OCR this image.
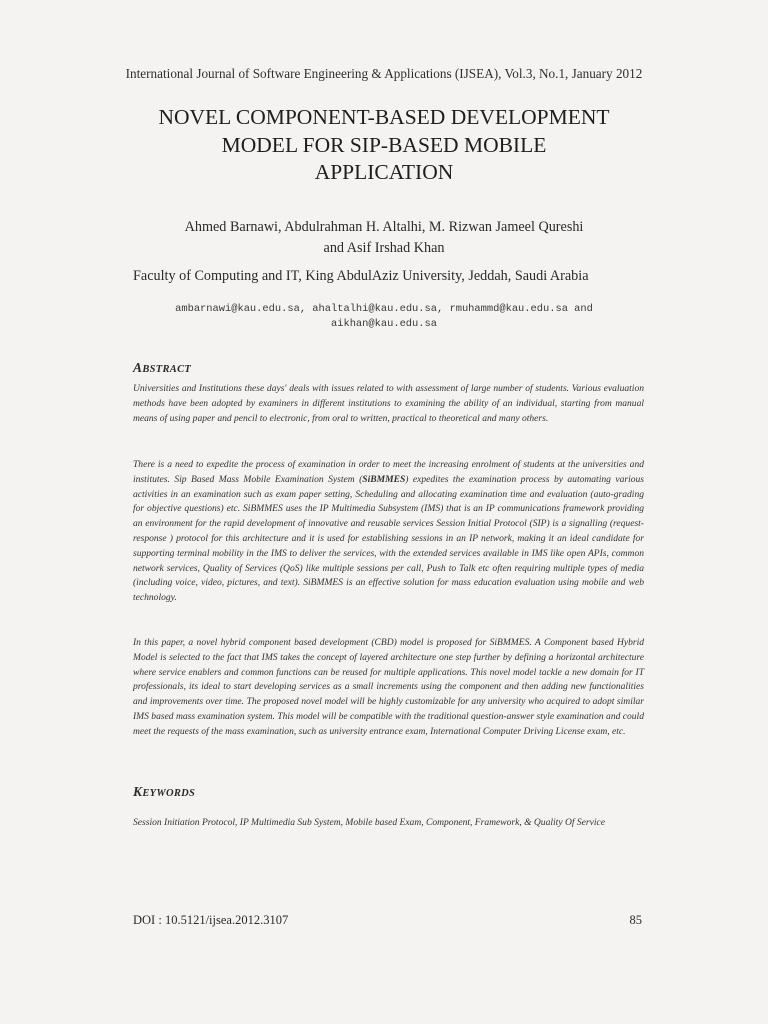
International Journal of Software Engineering & Applications (IJSEA), Vol.3, No.1, January 2012
NOVEL COMPONENT-BASED DEVELOPMENT
MODEL FOR SIP-BASED MOBILE
APPLICATION
Ahmed Barnawi, Abdulrahman H. Altalhi, M. Rizwan Jameel Qureshi
and Asif Irshad Khan
Faculty of Computing and IT, King AbdulAziz University, Jeddah, Saudi Arabia
ambarnawi@kau.edu.sa, ahaltalhi@kau.edu.sa, rmuhammd@kau.edu.sa and
aikhan@kau.edu.sa
ABSTRACT
Universities and Institutions these days' deals with issues related to with assessment of large number of students. Various evaluation methods have been adopted by examiners in different institutions to examining the ability of an individual, starting from manual means of using paper and pencil to electronic, from oral to written, practical to theoretical and many others.
There is a need to expedite the process of examination in order to meet the increasing enrolment of students at the universities and institutes. Sip Based Mass Mobile Examination System (SiBMMES) expedites the examination process by automating various activities in an examination such as exam paper setting, Scheduling and allocating examination time and evaluation (auto-grading for objective questions) etc. SiBMMES uses the IP Multimedia Subsystem (IMS) that is an IP communications framework providing an environment for the rapid development of innovative and reusable services Session Initial Protocol (SIP) is a signalling (request-response ) protocol for this architecture and it is used for establishing sessions in an IP network, making it an ideal candidate for supporting terminal mobility in the IMS to deliver the services, with the extended services available in IMS like open APIs, common network services, Quality of Services (QoS) like multiple sessions per call, Push to Talk etc often requiring multiple types of media (including voice, video, pictures, and text). SiBMMES is an effective solution for mass education evaluation using mobile and web technology.
In this paper, a novel hybrid component based development (CBD) model is proposed for SiBMMES. A Component based Hybrid Model is selected to the fact that IMS takes the concept of layered architecture one step further by defining a horizontal architecture where service enablers and common functions can be reused for multiple applications. This novel model tackle a new domain for IT professionals, its ideal to start developing services as a small increments using the component and then adding new functionalities and improvements over time. The proposed novel model will be highly customizable for any university who acquired to adopt similar IMS based mass examination system. This model will be compatible with the traditional question-answer style examination and could meet the requests of the mass examination, such as university entrance exam, International Computer Driving License exam, etc.
KEYWORDS
Session Initiation Protocol, IP Multimedia Sub System, Mobile based Exam, Component, Framework, & Quality Of Service
DOI : 10.5121/ijsea.2012.3107	85
